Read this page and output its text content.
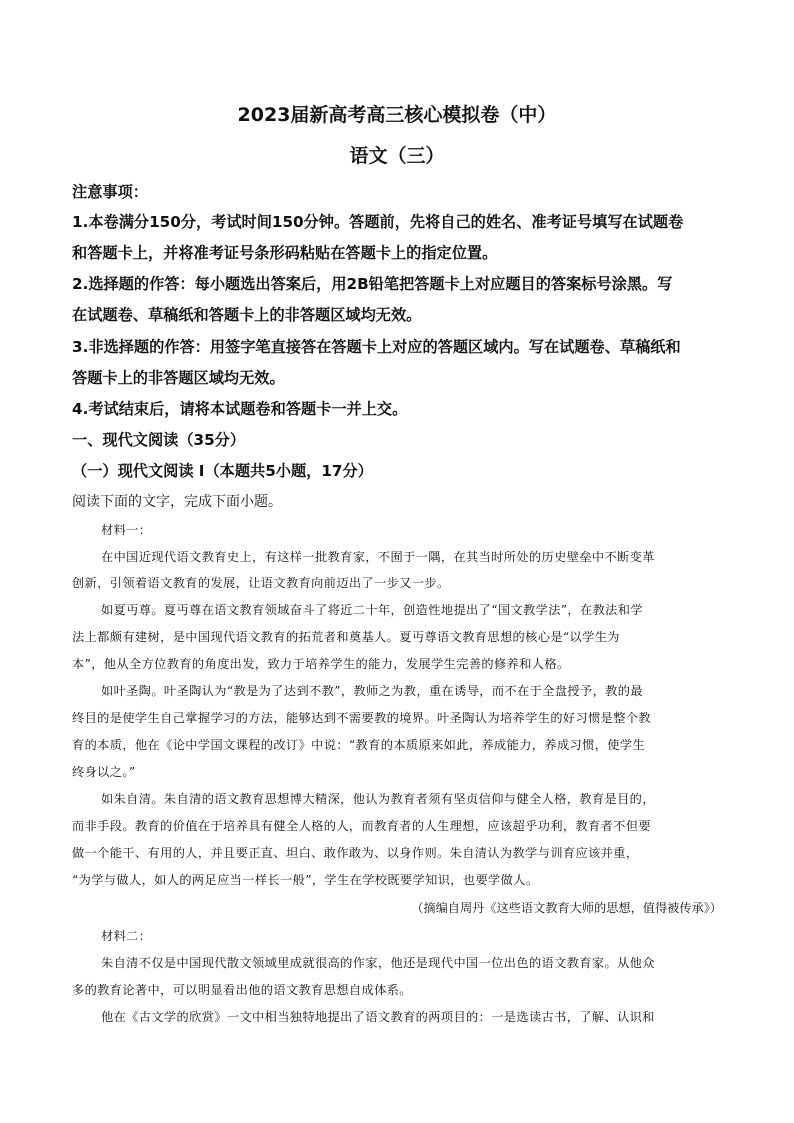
2023届新高考高三核心模拟卷（中）
语文（三）
注意事项：
1.本卷满分150分，考试时间150分钟。答题前，先将自己的姓名、准考证号填写在试题卷
和答题卡上，并将准考证号条形码粘贴在答题卡上的指定位置。
2.选择题的作答：每小题选出答案后，用2B铅笔把答题卡上对应题目的答案标号涂黑。写
在试题卷、草稿纸和答题卡上的非答题区域均无效。
3.非选择题的作答：用签字笔直接答在答题卡上对应的答题区域内。写在试题卷、草稿纸和
答题卡上的非答题区域均无效。
4.考试结束后，请将本试题卷和答题卡一并上交。
一、现代文阅读（35分）
（一）现代文阅读 I（本题共5小题，17分）
阅读下面的文字，完成下面小题。
材料一：
在中国近现代语文教育史上，有这样一批教育家，不囿于一隅，在其当时所处的历史壁垒中不断变革
创新，引领着语文教育的发展，让语文教育向前迈出了一步又一步。
如夏丏尊。夏丏尊在语文教育领域奋斗了将近二十年，创造性地提出了“国文教学法”，在教法和学
法上都颇有建树，是中国现代语文教育的拓荒者和奠基人。夏丏尊语文教育思想的核心是“以学生为
本”，他从全方位教育的角度出发，致力于培养学生的能力，发展学生完善的修养和人格。
如叶圣陶。叶圣陶认为“教是为了达到不教”，教师之为教，重在诱导，而不在于全盘授予，教的最
终目的是使学生自己掌握学习的方法，能够达到不需要教的境界。叶圣陶认为培养学生的好习惯是整个教
育的本质，他在《论中学国文课程的改订》中说：“教育的本质原来如此，养成能力，养成习惯，使学生
终身以之。”
如朱自清。朱自清的语文教育思想博大精深，他认为教育者须有坚贞信仰与健全人格，教育是目的，
而非手段。教育的价值在于培养具有健全人格的人，而教育者的人生理想，应该超乎功利，教育者不但要
做一个能干、有用的人，并且要正直、坦白、敢作敢为、以身作则。朱自清认为教学与训育应该并重，
“为学与做人，如人的两足应当一样长一般”，学生在学校既要学知识，也要学做人。
（摘编自周丹《这些语文教育大师的思想，值得被传承》）
材料二：
朱自清不仅是中国现代散文领域里成就很高的作家，他还是现代中国一位出色的语文教育家。从他众
多的教育论著中，可以明显看出他的语文教育思想自成体系。
他在《古文学的欣赏》一文中相当独特地提出了语文教育的两项目的：一是选读古书，了解、认识和
